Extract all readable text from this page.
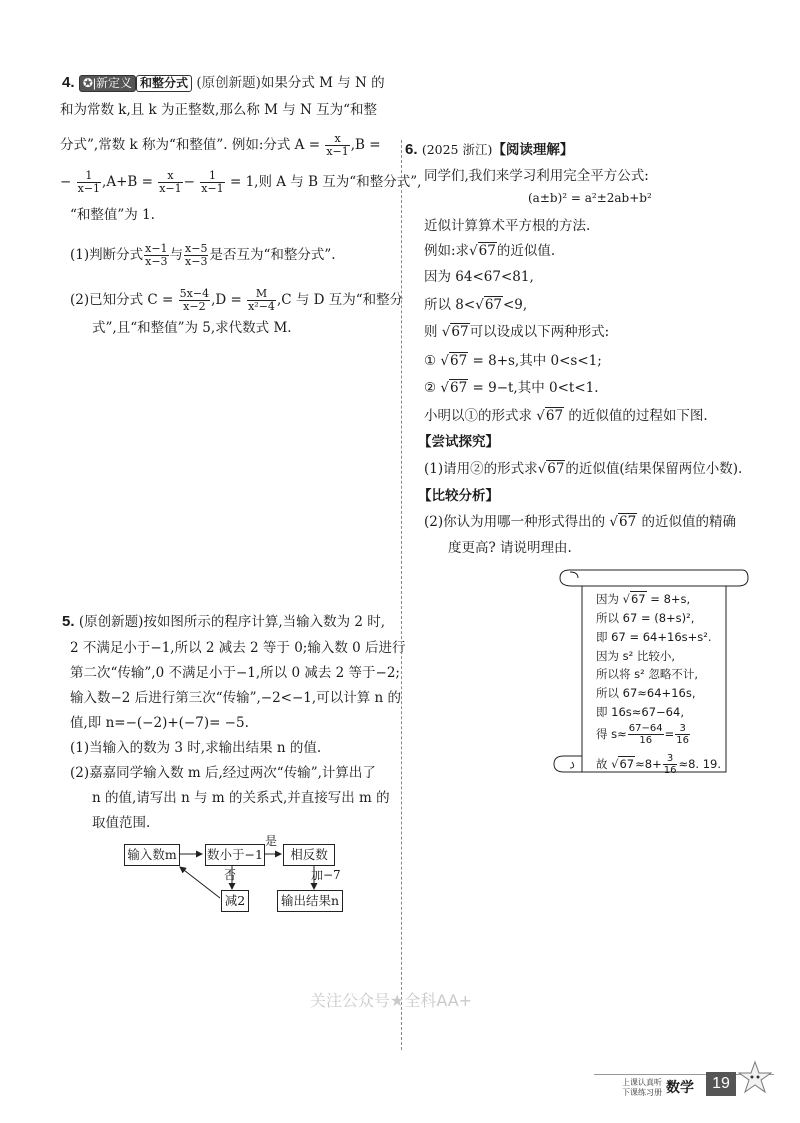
4. ✪|新定义 和整分式 (原创新题)如果分式 M 与 N 的
和为常数 k,且 k 为正整数,那么称 M 与 N 互为“和整
分式”,常数 k 称为“和整值”. 例如:分式 $A = \frac{x}{x-1} ,B$ =
− $\frac{1}{x-1} ,A+B = \frac{x}{x-1} - \frac{1}{x-1} = 1$,则 A 与 B 互为“和整分式”,
“和整值”为 1.
(1)判断分式 $\frac{x-1}{x-3}$ 与 $\frac{x-5}{x-3}$ 是否互为“和整分式”.
(2)已知分式 $C = \frac{5x-4}{x-2} ,D = \frac{M}{\text{x²−4}} ,C$ 与 D 互为“和整分
式”,且“和整值”为 5,求代数式 M.
5. (原创新题)按如图所示的程序计算,当输入数为 2 时,
2 不满足小于−1,所以 2 减去 2 等于 0;输入数 0 后进行
第二次“传输”,0 不满足小于−1,所以 0 减去 2 等于−2;
输入数−2 后进行第三次“传输”,−2<−1,可以计算 n 的
值,即 n=−(−2)+(−7)= −5.
(1)当输入的数为 3 时,求输出结果 n 的值.
(2)嘉嘉同学输入数 m 后,经过两次“传输”,计算出了
n 的值,请写出 n 与 m 的关系式,并直接写出 m 的
取值范围.
输入数m 数小于−1	相反数
是
否
减2
加−7
输出结果n
6. (2025 浙江)【阅读理解】
同学们,我们来学习利用完全平方公式:
(a±b)² = a²±2ab+b²
近似计算算术平方根的方法.
例如:求√67的近似值.
因为 64<67<81,
所以 8<√67<9,
则 √67可以设成以下两种形式:
① √67 = 8+s,其中 0<s<1;
② √67 = 9−t,其中 0<t<1.
小明以①的形式求 √67 的近似值的过程如下图.
【尝试探究】
(1)请用②的形式求√67的近似值(结果保留两位小数).
【比较分析】
(2)你认为用哪一种形式得出的 √67 的近似值的精确
度更高? 请说明理由.
因为 √67 = 8+s,
所以 67 = (8+s)²,
即 67 = 64+16s+s².
因为 s² 比较小,
所以将 s² 忽略不计,
所以 67≈64+16s,
即 16s≈67−64,
得 $s\approx \frac{67-64}{16} = \frac{3}{16}$
故 $√67\approx 8+ \frac{3}{16} \approx 8$. 19.
关注公众号★全科AA+
上课认真听
下课练习册 数学	19
